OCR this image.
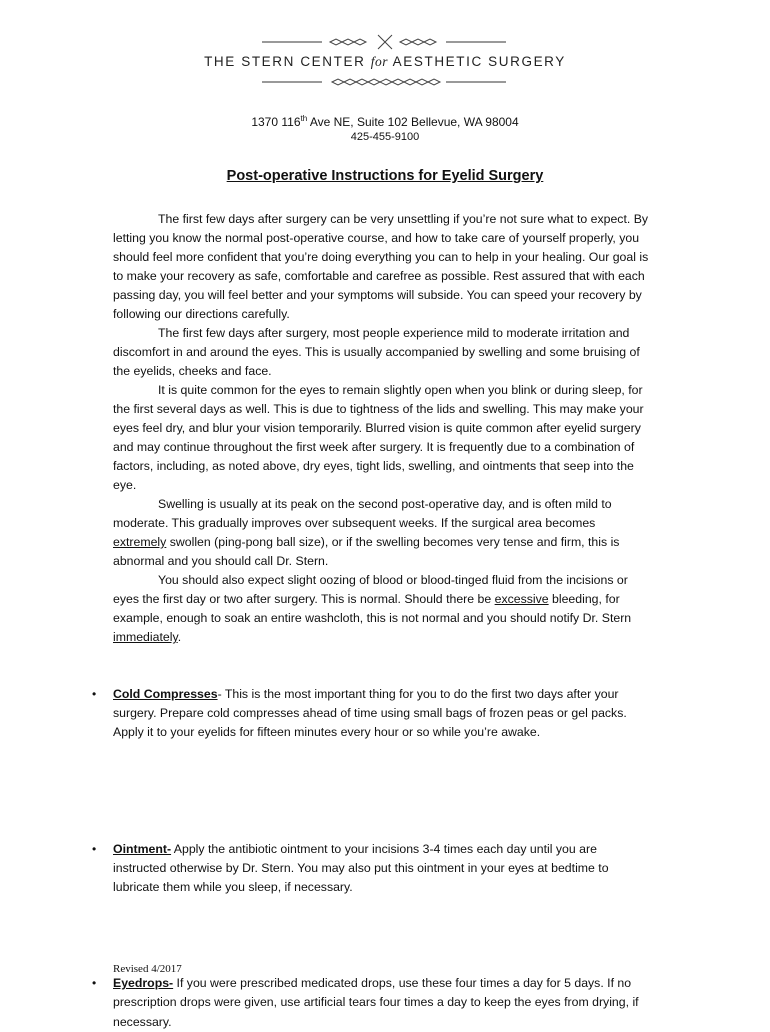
THE STERN CENTER for AESTHETIC SURGERY
1370 116th Ave NE, Suite 102 Bellevue, WA 98004
425-455-9100
Post-operative Instructions for Eyelid Surgery

The first few days after surgery can be very unsettling if you’re not sure what to expect. By letting you know the normal post-operative course, and how to take care of yourself properly, you should feel more confident that you’re doing everything you can to help in your healing. Our goal is to make your recovery as safe, comfortable and carefree as possible. Rest assured that with each passing day, you will feel better and your symptoms will subside. You can speed your recovery by following our directions carefully.

The first few days after surgery, most people experience mild to moderate irritation and discomfort in and around the eyes. This is usually accompanied by swelling and some bruising of the eyelids, cheeks and face.

It is quite common for the eyes to remain slightly open when you blink or during sleep, for the first several days as well. This is due to tightness of the lids and swelling. This may make your eyes feel dry, and blur your vision temporarily. Blurred vision is quite common after eyelid surgery and may continue throughout the first week after surgery. It is frequently due to a combination of factors, including, as noted above, dry eyes, tight lids, swelling, and ointments that seep into the eye.

Swelling is usually at its peak on the second post-operative day, and is often mild to moderate. This gradually improves over subsequent weeks. If the surgical area becomes extremely swollen (ping-pong ball size), or if the swelling becomes very tense and firm, this is abnormal and you should call Dr. Stern.

You should also expect slight oozing of blood or blood-tinged fluid from the incisions or eyes the first day or two after surgery. This is normal. Should there be excessive bleeding, for example, enough to soak an entire washcloth, this is not normal and you should notify Dr. Stern immediately.

• Cold Compresses- This is the most important thing for you to do the first two days after your surgery. Prepare cold compresses ahead of time using small bags of frozen peas or gel packs. Apply it to your eyelids for fifteen minutes every hour or so while you’re awake.
• Ointment- Apply the antibiotic ointment to your incisions 3-4 times each day until you are instructed otherwise by Dr. Stern. You may also put this ointment in your eyes at bedtime to lubricate them while you sleep, if necessary.
• Eyedrops- If you were prescribed medicated drops, use these four times a day for 5 days. If no prescription drops were given, use artificial tears four times a day to keep the eyes from drying, if necessary.
Revised 4/2017
